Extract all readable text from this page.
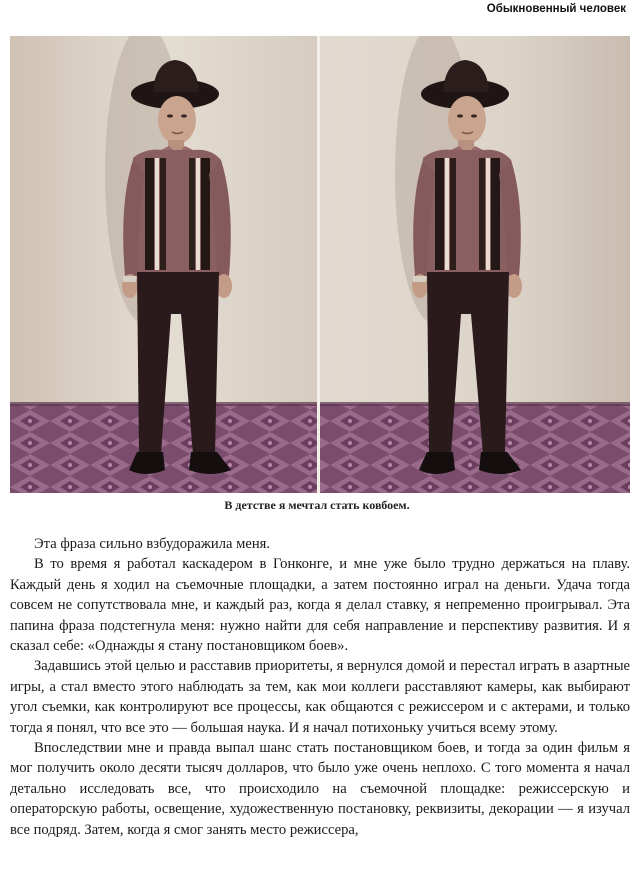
Обыкновенный человек
В детстве я мечтал стать ковбоем.

Эта фраза сильно взбудоражила меня.

В то время я работал каскадером в Гонконге, и мне уже было трудно держаться на плаву. Каждый день я ходил на съемочные площадки, а затем постоянно играл на деньги. Удача тогда совсем не сопутствовала мне, и каждый раз, когда я делал ставку, я непременно проигрывал. Эта папина фраза подстегнула меня: нужно найти для себя направление и перспективу развития. И я сказал себе: «Однажды я стану постановщиком боев».

Задавшись этой целью и расставив приоритеты, я вернулся домой и перестал играть в азартные игры, а стал вместо этого наблюдать за тем, как мои коллеги расставляют камеры, как выбирают угол съемки, как контролируют все процессы, как общаются с режиссером и с актерами, и только тогда я понял, что все это — большая наука. И я начал потихоньку учиться всему этому.

Впоследствии мне и правда выпал шанс стать постановщиком боев, и тогда за один фильм я мог получить около десяти тысяч долларов, что было уже очень неплохо. С того момента я начал детально исследовать все, что происходило на съемочной площадке: режиссерскую и операторскую работы, освещение, художественную постановку, реквизиты, декорации — я изучал все подряд. Затем, когда я смог занять место режиссера,
